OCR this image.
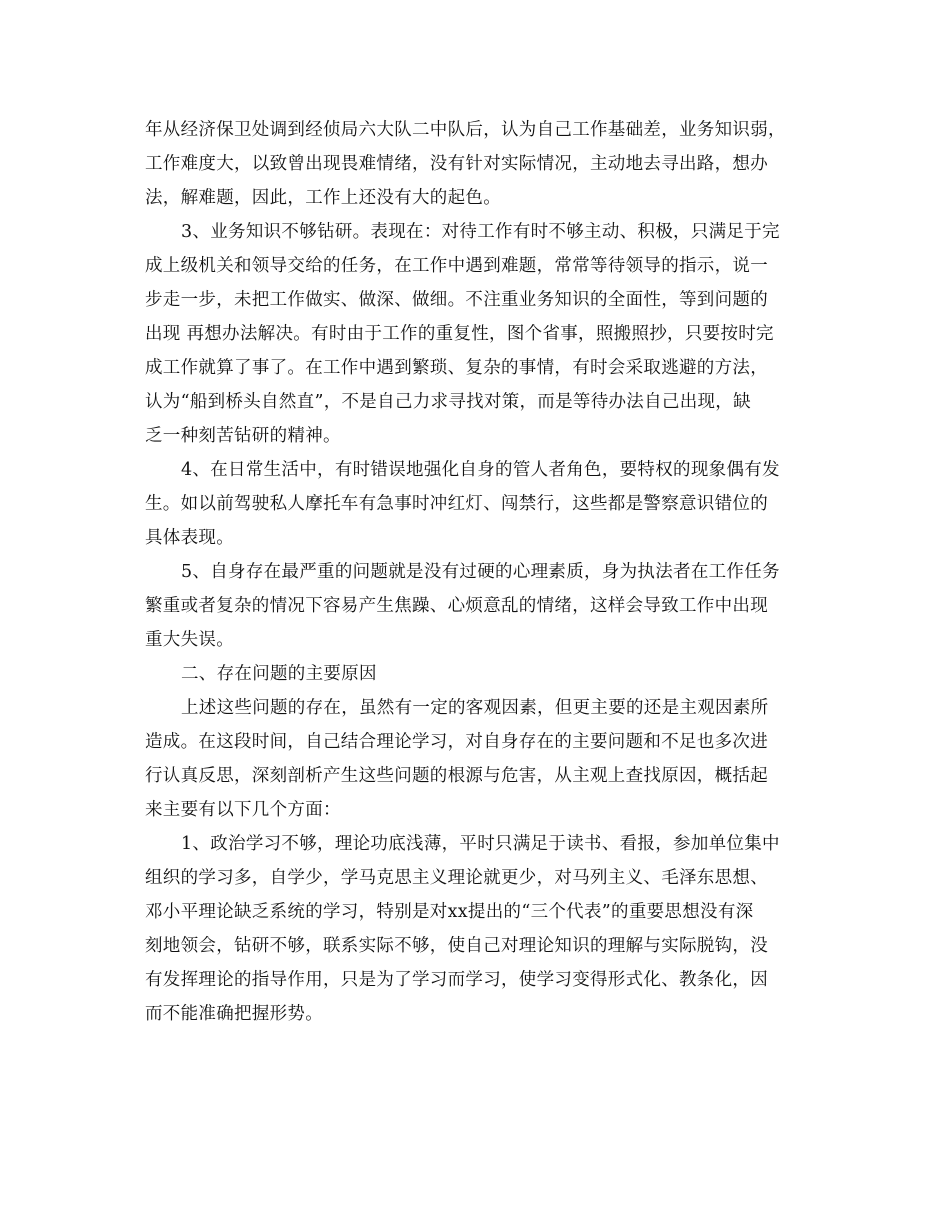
年从经济保卫处调到经侦局六大队二中队后，认为自己工作基础差，业务知识弱，
工作难度大，以致曾出现畏难情绪，没有针对实际情况，主动地去寻出路，想办
法，解难题，因此，工作上还没有大的起色。
3、业务知识不够钻研。表现在：对待工作有时不够主动、积极，只满足于完
成上级机关和领导交给的任务，在工作中遇到难题，常常等待领导的指示，说一
步走一步，未把工作做实、做深、做细。不注重业务知识的全面性，等到问题的
出现 再想办法解决。有时由于工作的重复性，图个省事，照搬照抄，只要按时完
成工作就算了事了。在工作中遇到繁琐、复杂的事情，有时会采取逃避的方法，
认为“船到桥头自然直”，不是自己力求寻找对策，而是等待办法自己出现，缺
乏一种刻苦钻研的精神。
4、在日常生活中，有时错误地强化自身的管人者角色，要特权的现象偶有发
生。如以前驾驶私人摩托车有急事时冲红灯、闯禁行，这些都是警察意识错位的
具体表现。
5、自身存在最严重的问题就是没有过硬的心理素质，身为执法者在工作任务
繁重或者复杂的情况下容易产生焦躁、心烦意乱的情绪，这样会导致工作中出现
重大失误。
二、存在问题的主要原因
上述这些问题的存在，虽然有一定的客观因素，但更主要的还是主观因素所
造成。在这段时间，自己结合理论学习，对自身存在的主要问题和不足也多次进
行认真反思，深刻剖析产生这些问题的根源与危害，从主观上查找原因，概括起
来主要有以下几个方面：
1、政治学习不够，理论功底浅薄，平时只满足于读书、看报，参加单位集中
组织的学习多，自学少，学马克思主义理论就更少，对马列主义、毛泽东思想、
邓小平理论缺乏系统的学习，特别是对xx提出的“三个代表”的重要思想没有深
刻地领会，钻研不够，联系实际不够，使自己对理论知识的理解与实际脱钩，没
有发挥理论的指导作用，只是为了学习而学习，使学习变得形式化、教条化，因
而不能准确把握形势。
